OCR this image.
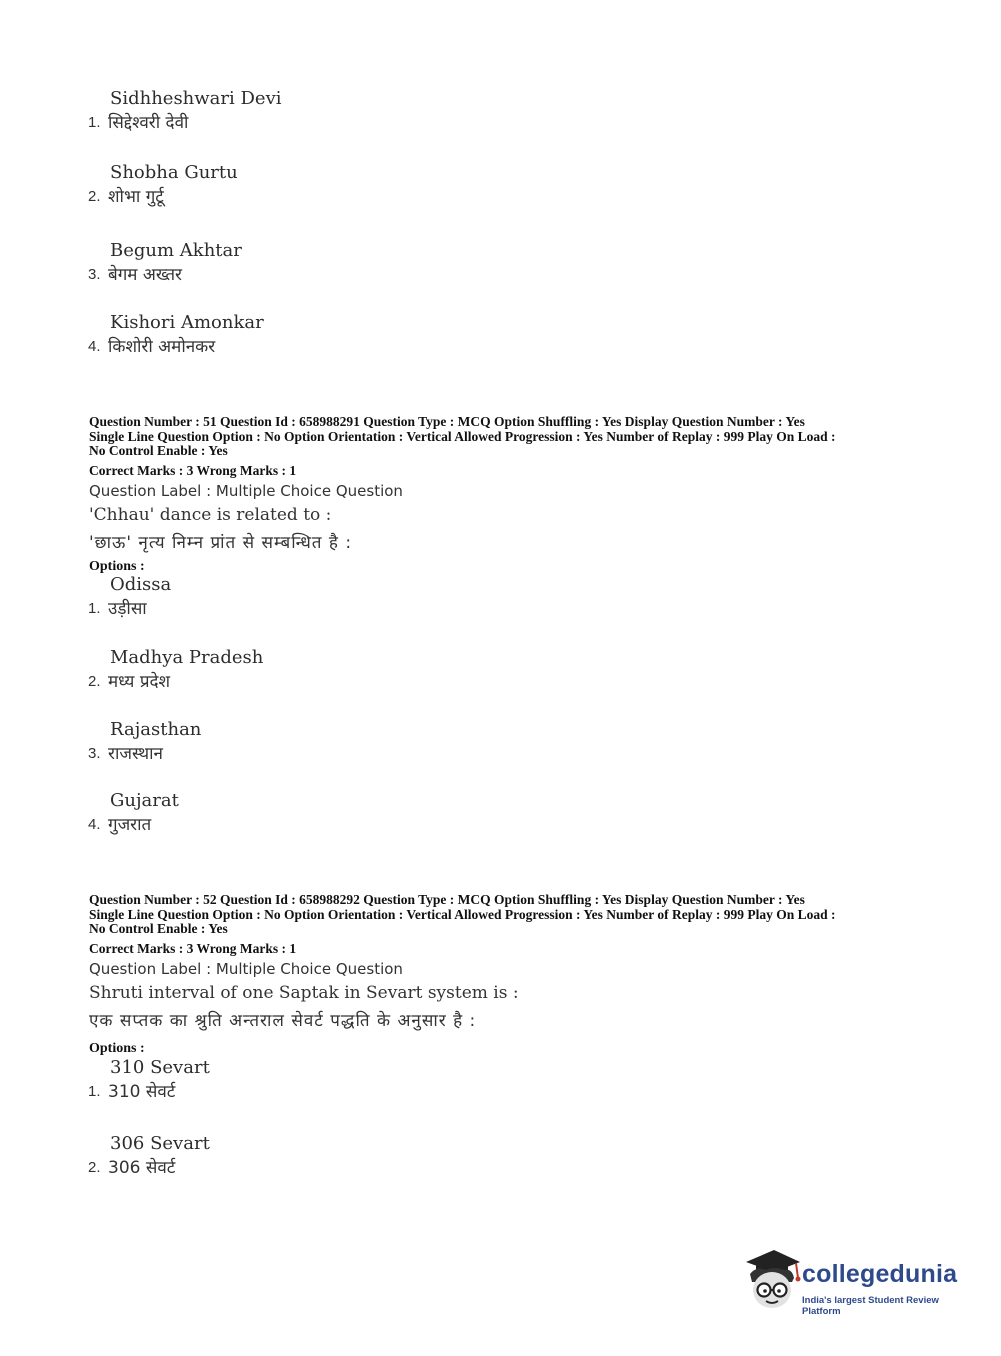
Sidhheshwari Devi
1. सिद्देश्वरी देवी
Shobha Gurtu
2. शोभा गुर्टू
Begum Akhtar
3. बेगम अख्तर
Kishori Amonkar
4. किशोरी अमोनकर
Question Number : 51 Question Id : 658988291 Question Type : MCQ Option Shuffling : Yes Display Question Number : Yes
Single Line Question Option : No Option Orientation : Vertical Allowed Progression : Yes Number of Replay : 999 Play On Load :
No Control Enable : Yes
Correct Marks : 3 Wrong Marks : 1
Question Label : Multiple Choice Question
'Chhau' dance is related to :
'छाऊ' नृत्य निम्न प्रांत से सम्बन्धित है :
Options :
Odissa
1. उड़ीसा
Madhya Pradesh
2. मध्य प्रदेश
Rajasthan
3. राजस्थान
Gujarat
4. गुजरात
Question Number : 52 Question Id : 658988292 Question Type : MCQ Option Shuffling : Yes Display Question Number : Yes
Single Line Question Option : No Option Orientation : Vertical Allowed Progression : Yes Number of Replay : 999 Play On Load :
No Control Enable : Yes
Correct Marks : 3 Wrong Marks : 1
Question Label : Multiple Choice Question
Shruti interval of one Saptak in Sevart system is :
एक सप्तक का श्रुति अन्तराल सेवर्ट पद्धति के अनुसार है :
Options :
310 Sevart
1. 310 सेवर्ट
306 Sevart
2. 306 सेवर्ट
collegedunia
India's largest Student Review Platform
